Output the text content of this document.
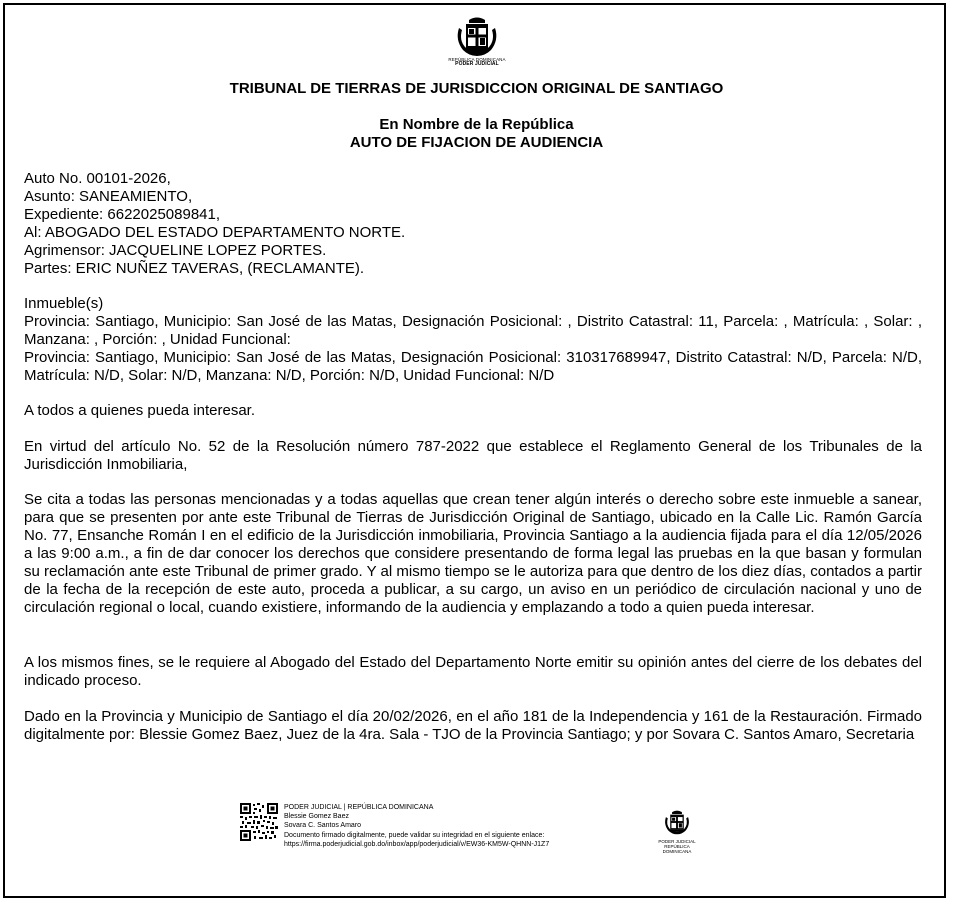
REPÚBLICA DOMINICANA
PODER JUDICIAL
TRIBUNAL DE TIERRAS DE JURISDICCION ORIGINAL DE SANTIAGO
En Nombre de la República
AUTO DE FIJACION DE AUDIENCIA

Auto No. 00101-2026,

Asunto: SANEAMIENTO,

Expediente: 6622025089841,

Al: ABOGADO DEL ESTADO DEPARTAMENTO NORTE.

Agrimensor: JACQUELINE LOPEZ PORTES.

Partes: ERIC NUÑEZ TAVERAS, (RECLAMANTE).

Inmueble(s)

Provincia: Santiago, Municipio: San José de las Matas, Designación Posicional: , Distrito Catastral: 11, Parcela: , Matrícula: , Solar: , Manzana: , Porción: , Unidad Funcional:

Provincia: Santiago, Municipio: San José de las Matas, Designación Posicional: 310317689947, Distrito Catastral: N/D, Parcela: N/D, Matrícula: N/D, Solar: N/D, Manzana: N/D, Porción: N/D, Unidad Funcional: N/D

A todos a quienes pueda interesar.
En virtud del artículo No. 52 de la Resolución número 787-2022 que establece el Reglamento General de los Tribunales de la Jurisdicción Inmobiliaria,
Se cita a todas las personas mencionadas y a todas aquellas que crean tener algún interés o derecho sobre este inmueble a sanear, para que se presenten por ante este Tribunal de Tierras de Jurisdicción Original de Santiago, ubicado en la Calle Lic. Ramón García No. 77, Ensanche Román I en el edificio de la Jurisdicción inmobiliaria, Provincia Santiago a la audiencia fijada para el día 12/05/2026 a las 9:00 a.m., a fin de dar conocer los derechos que considere presentando de forma legal las pruebas en la que basan y formulan su reclamación ante este Tribunal de primer grado. Y al mismo tiempo se le autoriza para que dentro de los diez días, contados a partir de la fecha de la recepción de este auto, proceda a publicar, a su cargo, un aviso en un periódico de circulación nacional y uno de circulación regional o local, cuando existiere, informando de la audiencia y emplazando a todo a quien pueda interesar.
A los mismos fines, se le requiere al Abogado del Estado del Departamento Norte emitir su opinión antes del cierre de los debates del indicado proceso.
Dado en la Provincia y Municipio de Santiago el día 20/02/2026, en el año 181 de la Independencia y 161 de la Restauración. Firmado digitalmente por: Blessie Gomez Baez, Juez de la 4ra. Sala - TJO de la Provincia Santiago; y por Sovara C. Santos Amaro, Secretaria
PODER JUDICIAL | REPÚBLICA DOMINICANA
Blessie Gomez Baez
Sovara C. Santos Amaro
Documento firmado digitalmente, puede validar su integridad en el siguiente enlace:
https://firma.poderjudicial.gob.do/inbox/app/poderjudicial/v/EW36-KM5W-QHNN-J1Z7	PODER JUDICIAL
REPÚBLICA DOMINICANA
